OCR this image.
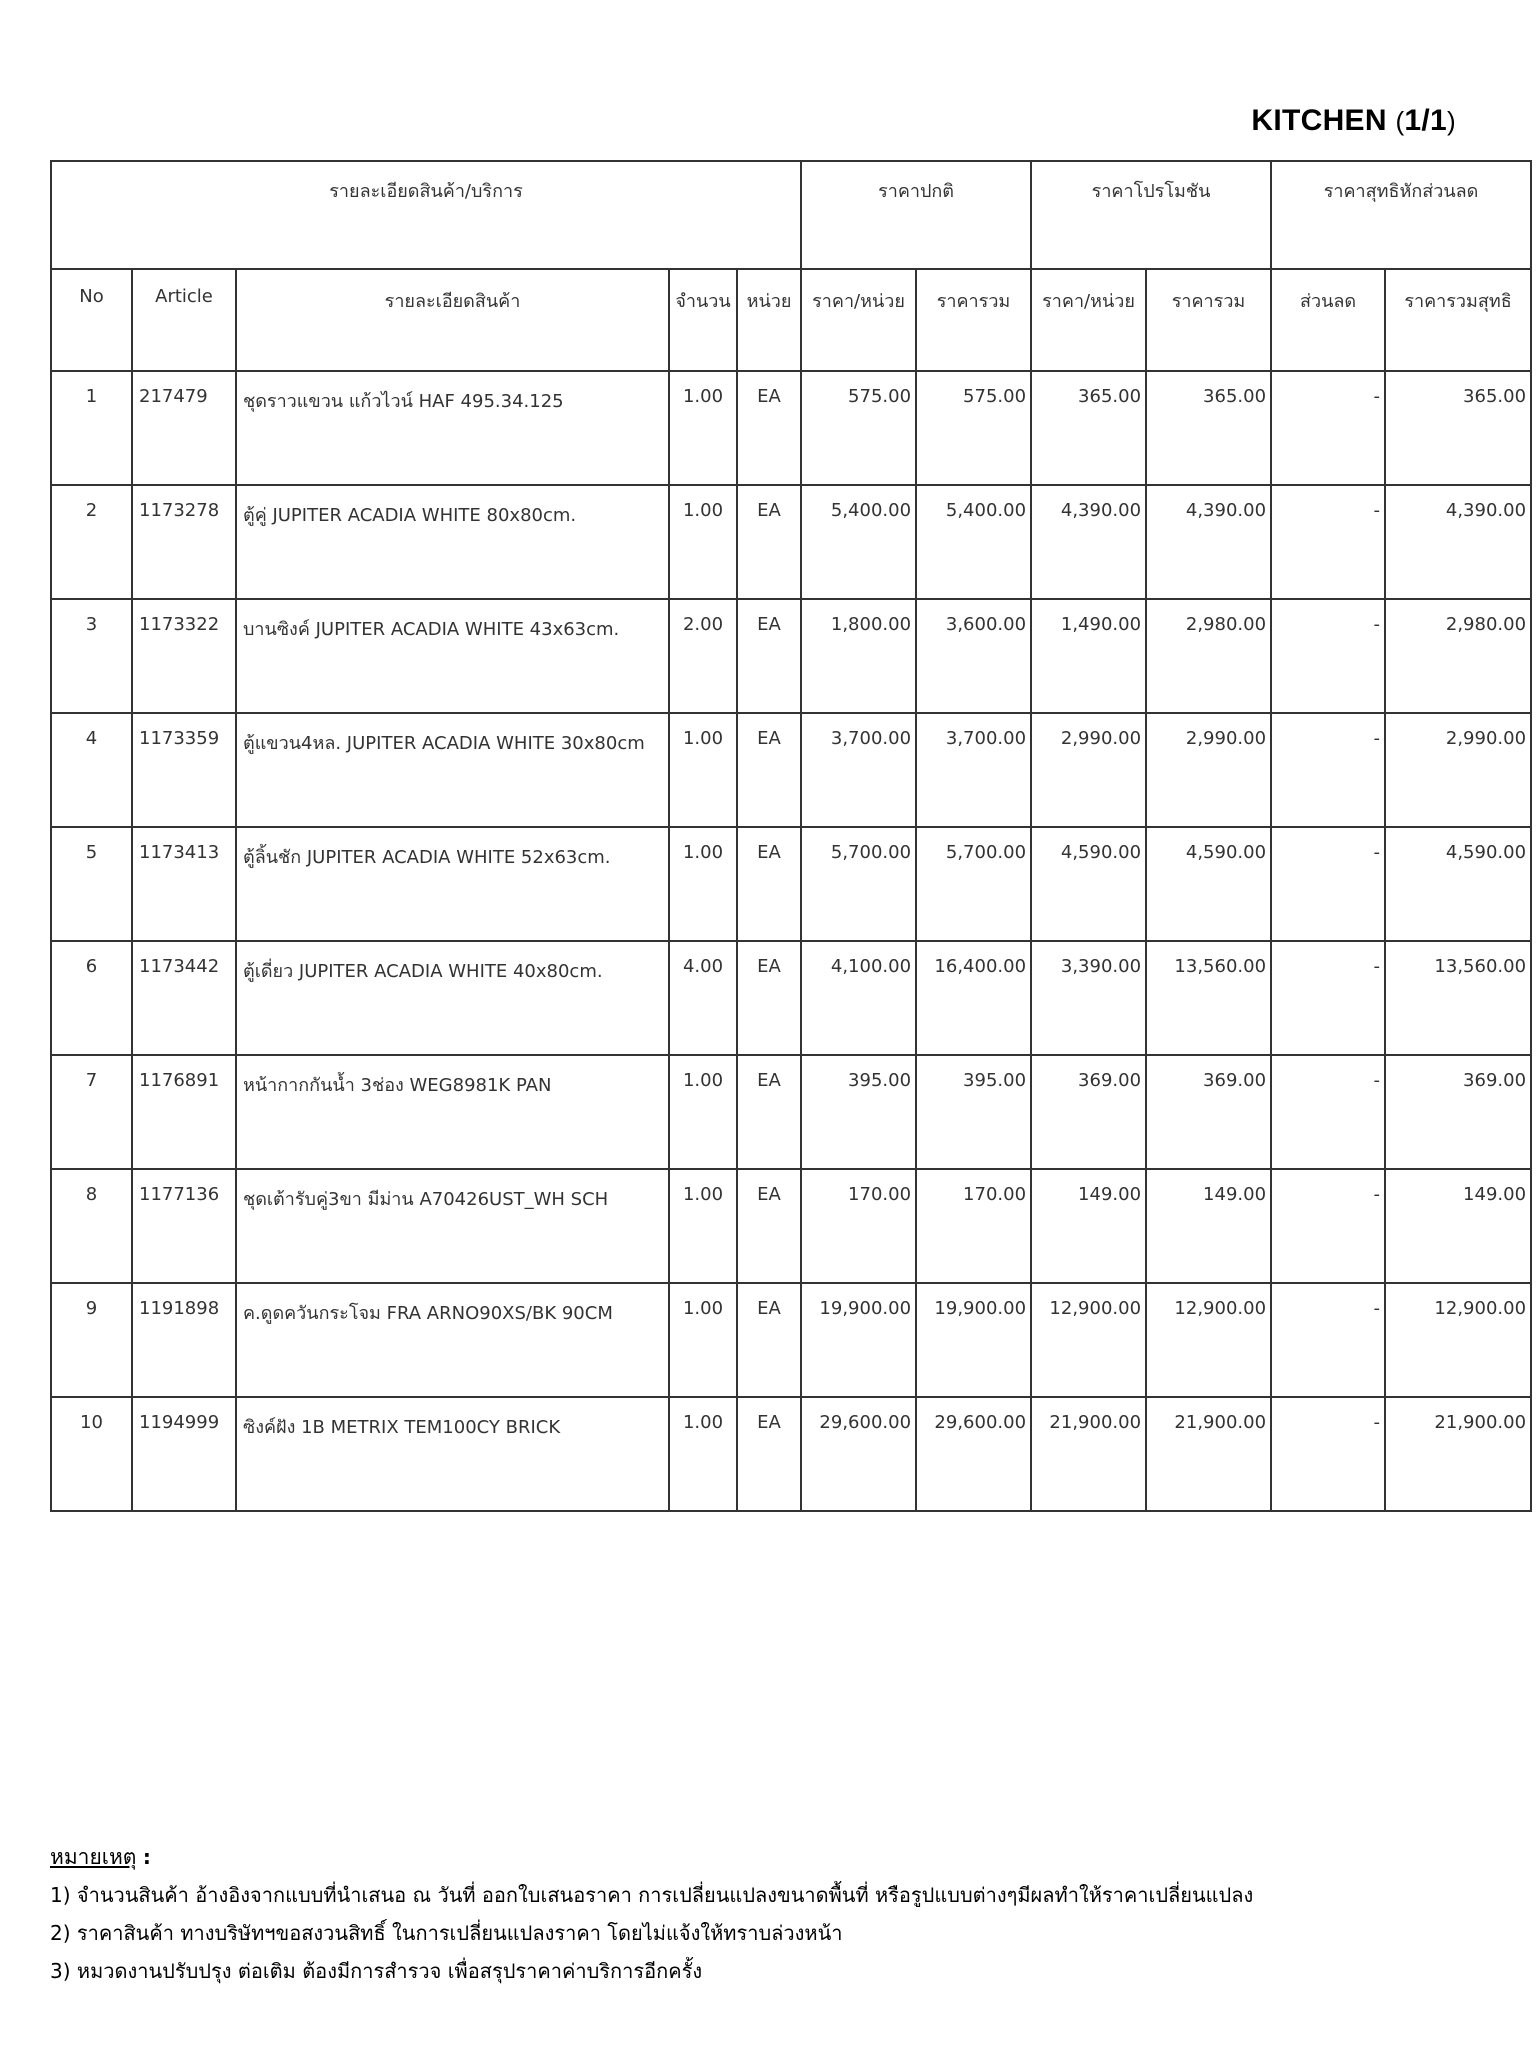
KITCHEN (1/1)
รายละเอียดสินค้า/บริการ					ราคาปกติ		ราคาโปรโมชัน		ราคาสุทธิหักส่วนลด	
No	Article	รายละเอียดสินค้า	จำนวน	หน่วย	ราคา/หน่วย	ราคารวม	ราคา/หน่วย	ราคารวม	ส่วนลด	ราคารวมสุทธิ
1	217479	ชุดราวแขวน แก้วไวน์ HAF 495.34.125	1.00	EA	575.00	575.00	365.00	365.00	-	365.00
2	1173278	ตู้คู่ JUPITER ACADIA WHITE 80x80cm.	1.00	EA	5,400.00	5,400.00	4,390.00	4,390.00	-	4,390.00
3	1173322	บานซิงค์ JUPITER ACADIA WHITE 43x63cm.	2.00	EA	1,800.00	3,600.00	1,490.00	2,980.00	-	2,980.00
4	1173359	ตู้แขวน4หล. JUPITER ACADIA WHITE 30x80cm	1.00	EA	3,700.00	3,700.00	2,990.00	2,990.00	-	2,990.00
5	1173413	ตู้ลิ้นชัก JUPITER ACADIA WHITE 52x63cm.	1.00	EA	5,700.00	5,700.00	4,590.00	4,590.00	-	4,590.00
6	1173442	ตู้เดี่ยว JUPITER ACADIA WHITE 40x80cm.	4.00	EA	4,100.00	16,400.00	3,390.00	13,560.00	-	13,560.00
7	1176891	หน้ากากกันน้ำ 3ช่อง WEG8981K PAN	1.00	EA	395.00	395.00	369.00	369.00	-	369.00
8	1177136	ชุดเต้ารับคู่3ขา มีม่าน A70426UST_WH SCH	1.00	EA	170.00	170.00	149.00	149.00	-	149.00
9	1191898	ค.ดูดควันกระโจม FRA ARNO90XS/BK 90CM	1.00	EA	19,900.00	19,900.00	12,900.00	12,900.00	-	12,900.00
10	1194999	ซิงค์ฝัง 1B METRIX TEM100CY BRICK	1.00	EA	29,600.00	29,600.00	21,900.00	21,900.00	-	21,900.00
หมายเหตุ :
1) จำนวนสินค้า อ้างอิงจากแบบที่นำเสนอ ณ วันที่ ออกใบเสนอราคา การเปลี่ยนแปลงขนาดพื้นที่ หรือรูปแบบต่างๆมีผลทำให้ราคาเปลี่ยนแปลง
2) ราคาสินค้า ทางบริษัทฯขอสงวนสิทธิ์ ในการเปลี่ยนแปลงราคา โดยไม่แจ้งให้ทราบล่วงหน้า
3) หมวดงานปรับปรุง ต่อเติม ต้องมีการสำรวจ เพื่อสรุปราคาค่าบริการอีกครั้ง
